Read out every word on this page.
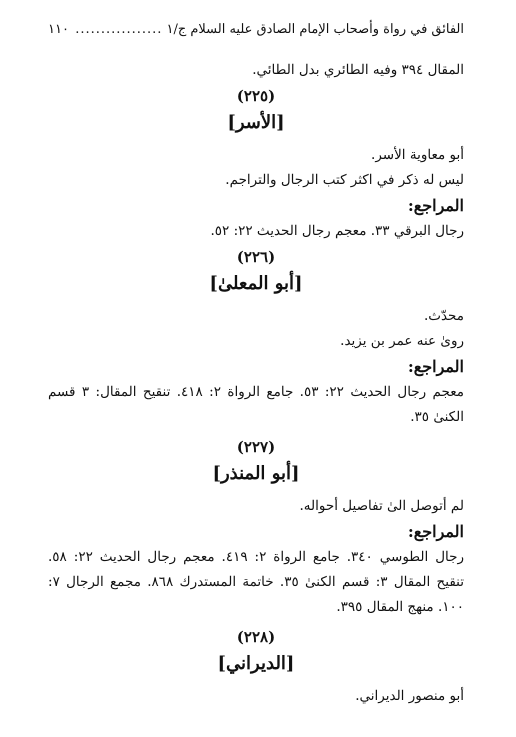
الفائق في رواة وأصحاب الإمام الصادق عليه السلام ج/١
.....
١١٠

المقال ٣٩٤ وفيه الطائري بدل الطائي.

(٢٢٥)

[الأسر]

أبو معاوية الأسر.

ليس له ذكر في اكثر كتب الرجال والتراجم.

المراجع:

رجال البرقي ٣٣. معجم رجال الحديث ٢٢: ٥٢.

(٢٢٦)

[أبو المعلىٰ]

محدّث.

رویٰ عنه عمر بن يزيد.

المراجع:

معجم رجال الحديث ٢٢: ٥٣. جامع الرواة ٢: ٤١٨. تنقيح المقال: ٣ قسم الكنىٰ ٣٥.

(٢٢٧)

[أبو المنذر]

لم أتوصل الىٰ تفاصيل أحواله.

المراجع:

رجال الطوسي ٣٤٠. جامع الرواة ٢: ٤١٩. معجم رجال الحديث ٢٢: ٥٨. تنقيح المقال ٣: قسم الكنىٰ ٣٥. خاتمة المستدرك ٨٦٨. مجمع الرجال ٧: ١٠٠. منهج المقال ٣٩٥.

(٢٢٨)

[الديراني]

أبو منصور الديراني.
